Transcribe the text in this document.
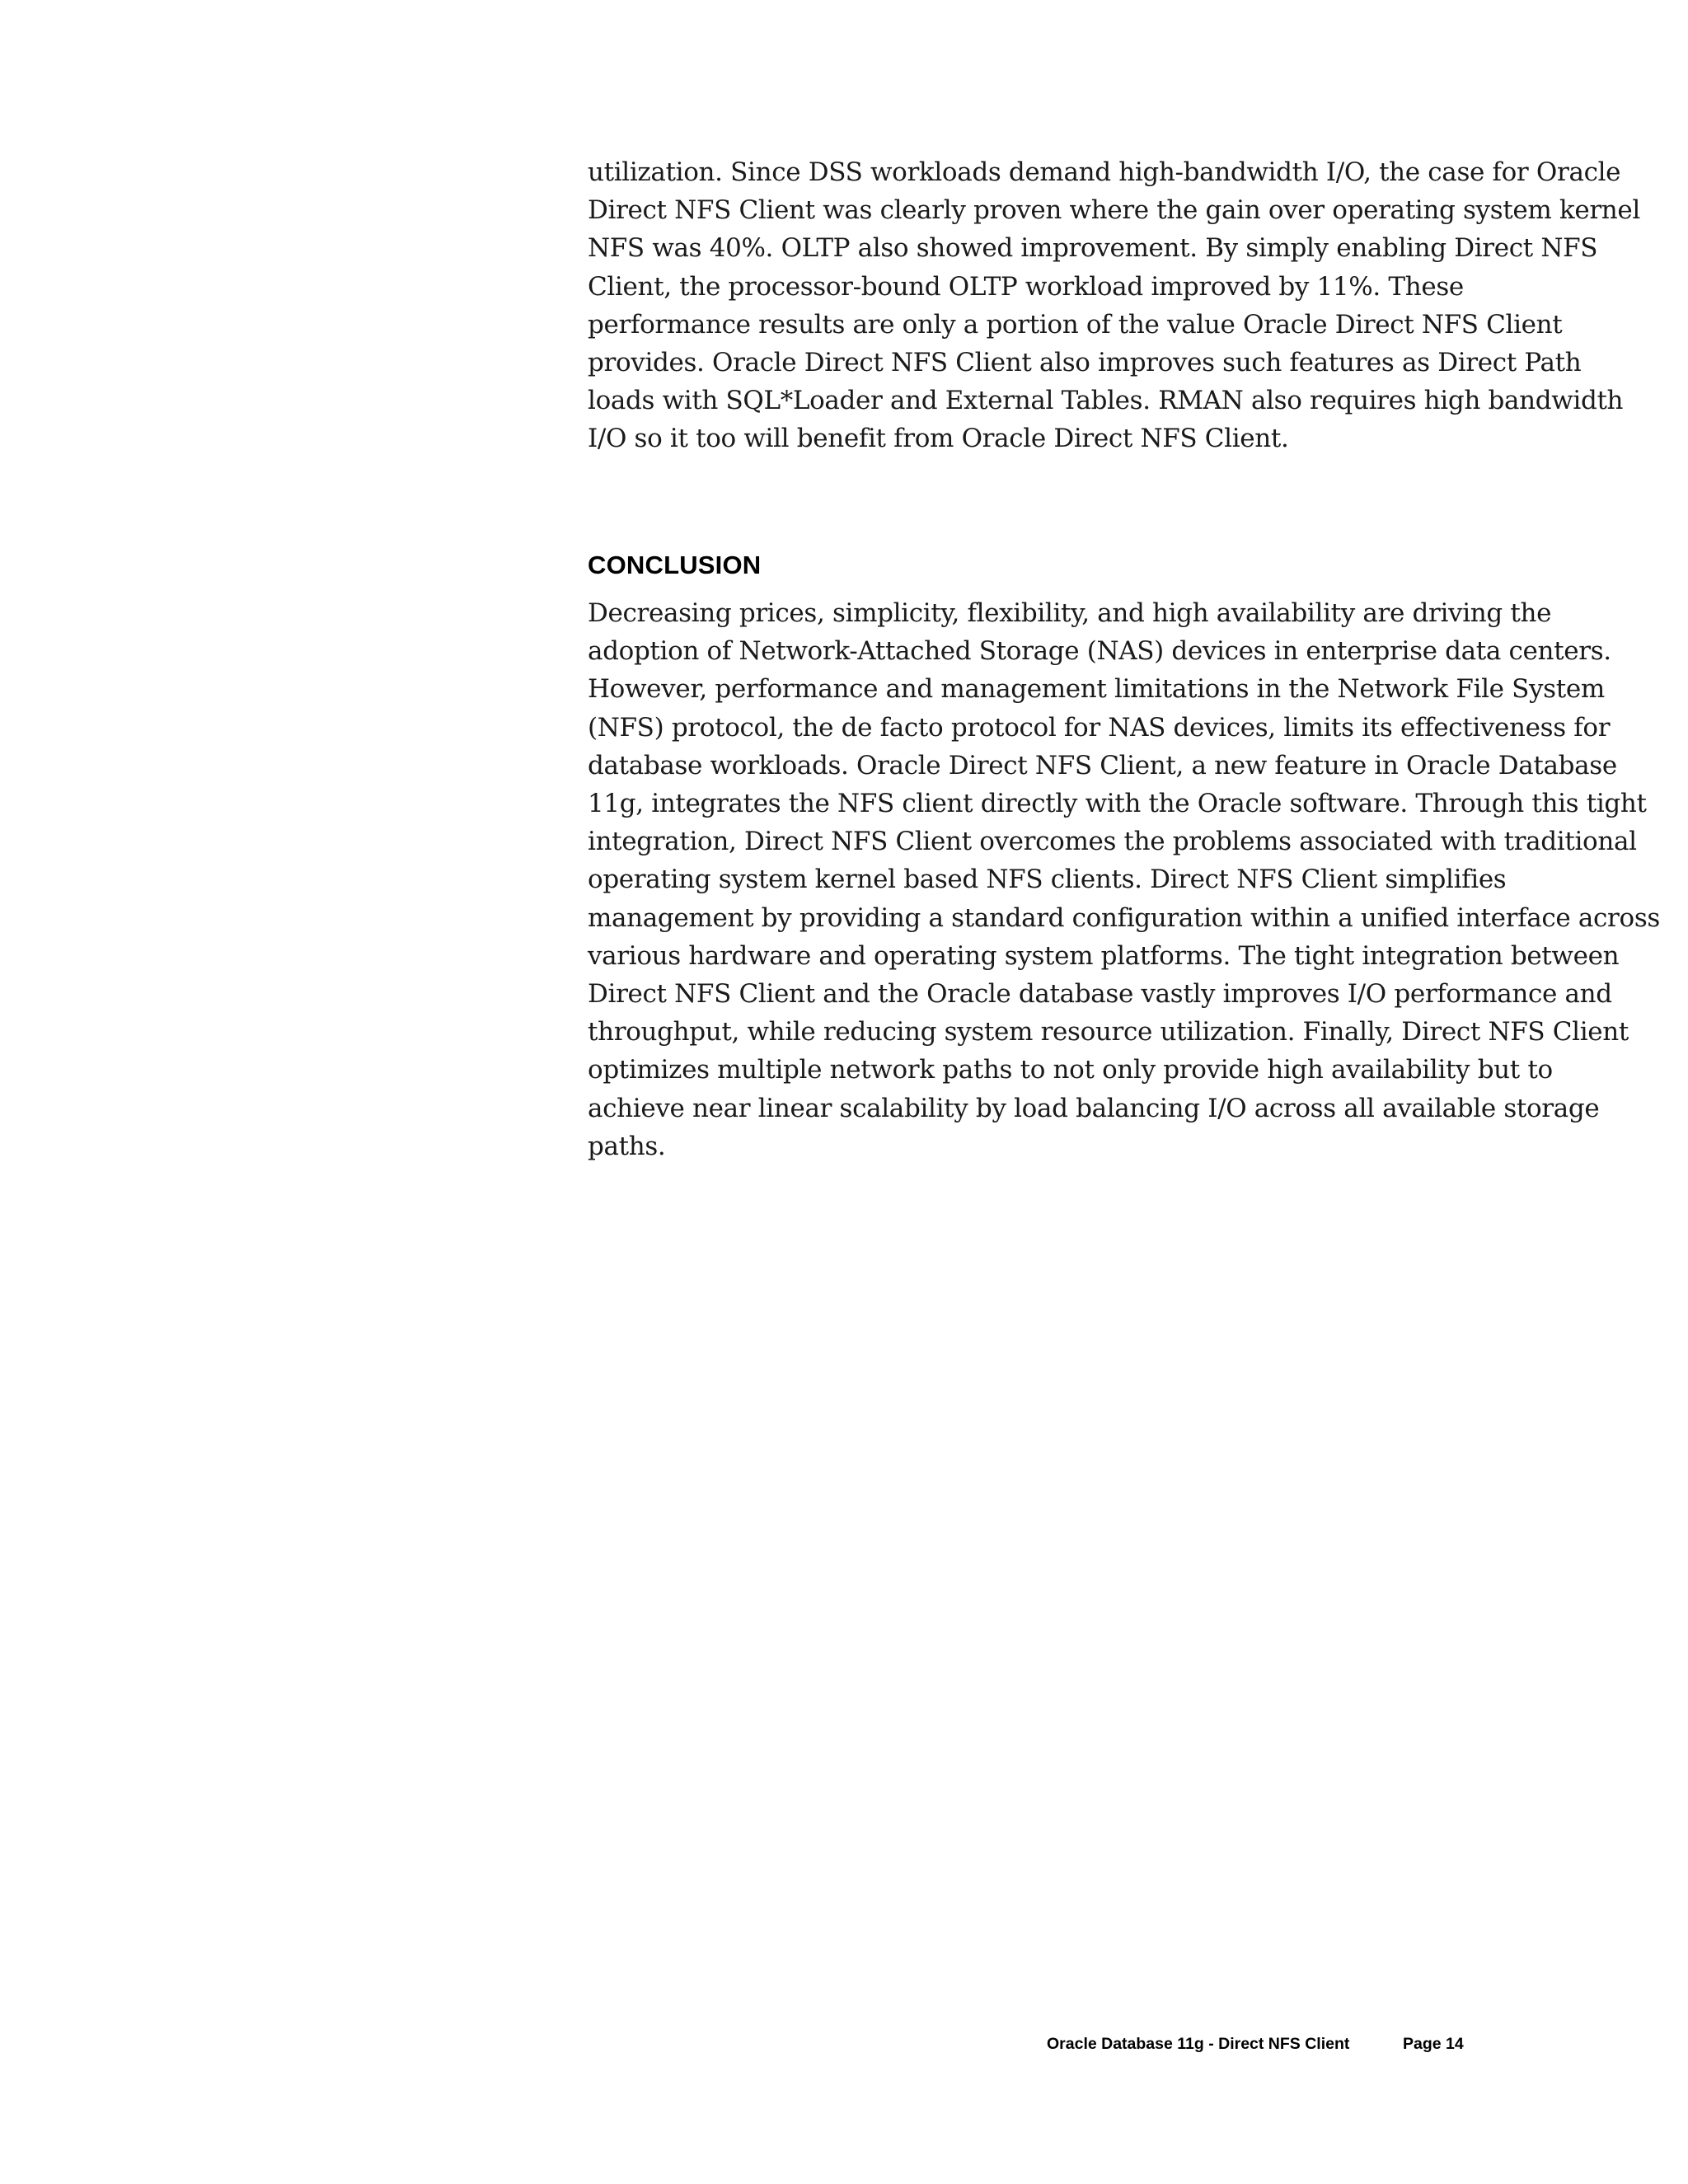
utilization. Since DSS workloads demand high-bandwidth I/O, the case for Oracle
Direct NFS Client was clearly proven where the gain over operating system kernel
NFS was 40%. OLTP also showed improvement. By simply enabling Direct NFS
Client, the processor-bound OLTP workload improved by 11%. These
performance results are only a portion of the value Oracle Direct NFS Client
provides. Oracle Direct NFS Client also improves such features as Direct Path
loads with SQL*Loader and External Tables. RMAN also requires high bandwidth
I/O so it too will benefit from Oracle Direct NFS Client.

CONCLUSION

Decreasing prices, simplicity, flexibility, and high availability are driving the
adoption of Network-Attached Storage (NAS) devices in enterprise data centers.
However, performance and management limitations in the Network File System
(NFS) protocol, the de facto protocol for NAS devices, limits its effectiveness for
database workloads. Oracle Direct NFS Client, a new feature in Oracle Database
11g, integrates the NFS client directly with the Oracle software. Through this tight
integration, Direct NFS Client overcomes the problems associated with traditional
operating system kernel based NFS clients. Direct NFS Client simplifies
management by providing a standard configuration within a unified interface across
various hardware and operating system platforms. The tight integration between
Direct NFS Client and the Oracle database vastly improves I/O performance and
throughput, while reducing system resource utilization. Finally, Direct NFS Client
optimizes multiple network paths to not only provide high availability but to
achieve near linear scalability by load balancing I/O across all available storage
paths.

Oracle Database 11g - Direct NFS Client	Page 14
